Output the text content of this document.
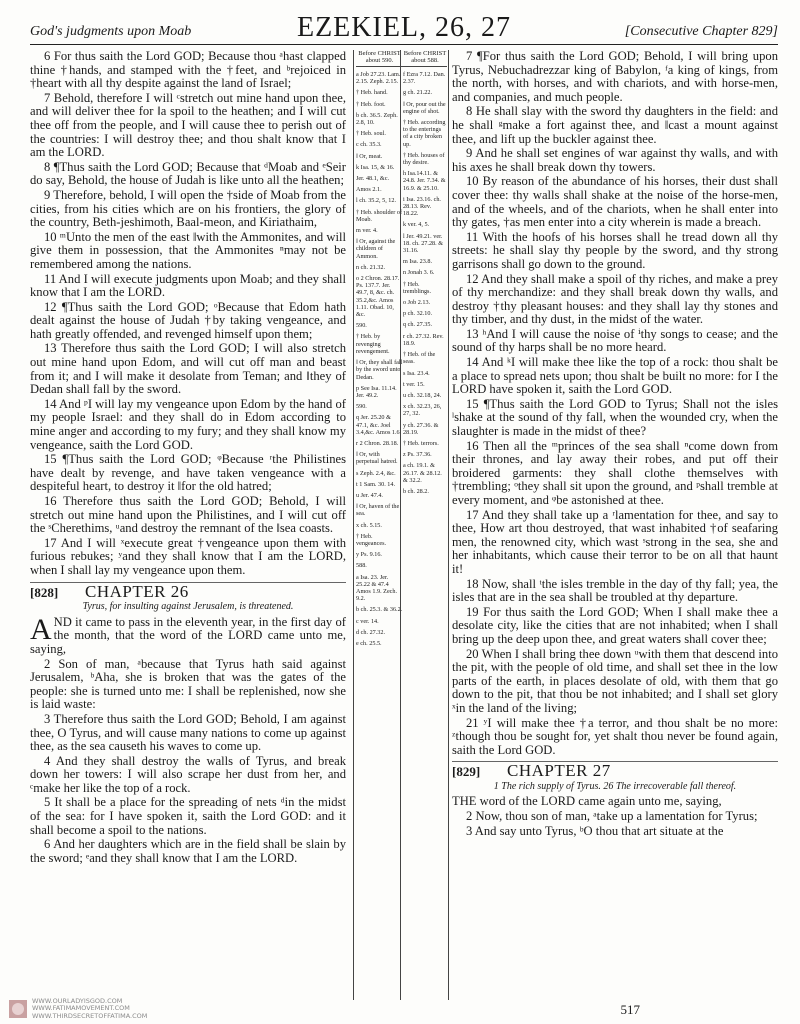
God's judgments upon Moab	EZEKIEL, 26, 27	[Consecutive Chapter 829]

6 For thus saith the Lord GOD; Because thou ᵃhast clapped thine †hands, and stamped with the †feet, and ᵇrejoiced in †heart with all thy despite against the land of Israel;

7 Behold, therefore I will ᶜstretch out mine hand upon thee, and will deliver thee for ‖a spoil to the heathen; and I will cut thee off from the people, and I will cause thee to perish out of the countries: I will destroy thee; and thou shalt know that I am the LORD.

8 ¶Thus saith the Lord GOD; Because that ᵈMoab and ᵉSeir do say, Behold, the house of Judah is like unto all the heathen;

9 Therefore, behold, I will open the †side of Moab from the cities, from his cities which are on his frontiers, the glory of the country, Beth-jeshimoth, Baal-meon, and Kiriathaim,

10 ᵐUnto the men of the east ‖with the Ammonites, and will give them in possession, that the Ammonites ⁿmay not be remembered among the nations.

11 And I will execute judgments upon Moab; and they shall know that I am the LORD.

12 ¶Thus saith the Lord GOD; ᵒBecause that Edom hath dealt against the house of Judah †by taking vengeance, and hath greatly offended, and revenged himself upon them;

13 Therefore thus saith the Lord GOD; I will also stretch out mine hand upon Edom, and will cut off man and beast from it; and I will make it desolate from Teman; and ‖they of Dedan shall fall by the sword.

14 And ᵖI will lay my vengeance upon Edom by the hand of my people Israel: and they shall do in Edom according to mine anger and according to my fury; and they shall know my vengeance, saith the Lord GOD.

15 ¶Thus saith the Lord GOD; ᵠBecause ʳthe Philistines have dealt by revenge, and have taken vengeance with a despiteful heart, to destroy it ‖for the old hatred;

16 Therefore thus saith the Lord GOD; Behold, I will stretch out mine hand upon the Philistines, and I will cut off the ˢCherethims, ᵘand destroy the remnant of the ‖sea coasts.

17 And I will ˣexecute great †vengeance upon them with furious rebukes; ʸand they shall know that I am the LORD, when I shall lay my vengeance upon them.

[828]	CHAPTER 26
Tyrus, for insulting against Jerusalem, is threatened.

AND it came to pass in the eleventh year, in the first day of the month, that the word of the LORD came unto me, saying,

2 Son of man, ᵃbecause that Tyrus hath said against Jerusalem, ᵇAha, she is broken that was the gates of the people: she is turned unto me: I shall be replenished, now she is laid waste:

3 Therefore thus saith the Lord GOD; Behold, I am against thee, O Tyrus, and will cause many nations to come up against thee, as the sea causeth his waves to come up.

4 And they shall destroy the walls of Tyrus, and break down her towers: I will also scrape her dust from her, and ᶜmake her like the top of a rock.

5 It shall be a place for the spreading of nets ᵈin the midst of the sea: for I have spoken it, saith the Lord GOD: and it shall become a spoil to the nations.

6 And her daughters which are in the field shall be slain by the sword; ᵉand they shall know that I am the LORD.

Before CHRIST about 590.
a Job 27.23. Lam. 2.15. Zeph. 2.15.
† Heb. hand.
† Heb. foot.
b ch. 36.5. Zeph. 2.8, 10.
† Heb. soul.
c ch. 35.3.
‖ Or, meat.
k Isa. 15, & 16.
Jer. 48.1, &c.
Amos 2.1.
l ch. 35.2, 5, 12.
† Heb. shoulder of Moab.
m ver. 4.
‖ Or, against the children of Ammon.
n ch. 21.32.
o 2 Chron. 28.17. Ps. 137.7. Jer. 49.7, 8, &c. ch. 35.2,&c. Amos 1.11. Obad. 10, &c.
590.
† Heb. by revenging revengement.
‖ Or, they shall fall by the sword unto Dedan.
p See Isa. 11.14. Jer. 49.2.
590.
q Jer. 25.20 & 47.1, &c. Joel 3.4,&c. Amos 1.6.
r 2 Chron. 28.18.
‖ Or, with perpetual hatred.
s Zeph. 2.4, &c.
t 1 Sam. 30. 14.
u Jer. 47.4.
‖ Or, haven of the sea.
x ch. 5.15.
† Heb. vengeances.
y Ps. 9.16.
588.
a Isa. 23. Jer. 25.22 & 47.4 Amos 1.9. Zech. 9.2.
b ch. 25.3. & 36.2.
c ver. 14.
d ch. 27.32.
e ch. 25.5.
Before CHRIST about 588.
f Ezra 7.12. Dan. 2.37.
g ch. 21.22.
‖ Or, pour out the engine of shot.
† Heb. according to the enterings of a city broken up.
† Heb. houses of thy desire.
h Isa.14.11. & 24.8. Jer. 7.34. & 16.9. & 25.10.
i Isa. 23.16. ch. 28.13. Rev. 18.22.
k ver. 4, 5.
l Jer. 49.21. ver. 18. ch. 27.28. & 31.16.
m Isa. 23.8.
n Jonah 3. 6.
† Heb. tremblings.
o Job 2.13.
p ch. 32.10.
q ch. 27.35.
r ch. 27.32. Rev. 18.9.
† Heb. of the seas.
s Isa. 23.4.
t ver. 15.
u ch. 32.18, 24.
x ch. 32.23, 26, 27, 32.
y ch. 27.36. & 28.19.
† Heb. terrors.
z Ps. 37.36.
a ch. 19.1. & 26.17. & 28.12. & 32.2.
b ch. 28.2.

7 ¶For thus saith the Lord GOD; Behold, I will bring upon Tyrus, Nebuchadrezzar king of Babylon, ᶠa king of kings, from the north, with horses, and with chariots, and with horse-men, and companies, and much people.

8 He shall slay with the sword thy daughters in the field: and he shall ᵍmake a fort against thee, and ‖cast a mount against thee, and lift up the buckler against thee.

9 And he shall set engines of war against thy walls, and with his axes he shall break down thy towers.

10 By reason of the abundance of his horses, their dust shall cover thee: thy walls shall shake at the noise of the horse-men, and of the wheels, and of the chariots, when he shall enter into thy gates, †as men enter into a city wherein is made a breach.

11 With the hoofs of his horses shall he tread down all thy streets: he shall slay thy people by the sword, and thy strong garrisons shall go down to the ground.

12 And they shall make a spoil of thy riches, and make a prey of thy merchandize: and they shall break down thy walls, and destroy †thy pleasant houses: and they shall lay thy stones and thy timber, and thy dust, in the midst of the water.

13 ʰAnd I will cause the noise of ⁱthy songs to cease; and the sound of thy harps shall be no more heard.

14 And ᵏI will make thee like the top of a rock: thou shalt be a place to spread nets upon; thou shalt be built no more: for I the LORD have spoken it, saith the Lord GOD.

15 ¶Thus saith the Lord GOD to Tyrus; Shall not the isles ˡshake at the sound of thy fall, when the wounded cry, when the slaughter is made in the midst of thee?

16 Then all the ᵐprinces of the sea shall ⁿcome down from their thrones, and lay away their robes, and put off their broidered garments: they shall clothe themselves with †trembling; ᵒthey shall sit upon the ground, and ᵖshall tremble at every moment, and ᵠbe astonished at thee.

17 And they shall take up a ʳlamentation for thee, and say to thee, How art thou destroyed, that wast inhabited †of seafaring men, the renowned city, which wast ˢstrong in the sea, she and her inhabitants, which cause their terror to be on all that haunt it!

18 Now, shall ᵗthe isles tremble in the day of thy fall; yea, the isles that are in the sea shall be troubled at thy departure.

19 For thus saith the Lord GOD; When I shall make thee a desolate city, like the cities that are not inhabited; when I shall bring up the deep upon thee, and great waters shall cover thee;

20 When I shall bring thee down ᵘwith them that descend into the pit, with the people of old time, and shall set thee in the low parts of the earth, in places desolate of old, with them that go down to the pit, that thou be not inhabited; and I shall set glory ˣin the land of the living;

21 ʸI will make thee †a terror, and thou shalt be no more: ᶻthough thou be sought for, yet shalt thou never be found again, saith the Lord GOD.

[829]	CHAPTER 27
1 The rich supply of Tyrus. 26 The irrecoverable fall thereof.

THE word of the LORD came again unto me, saying,

2 Now, thou son of man, ᵃtake up a lamentation for Tyrus;

3 And say unto Tyrus, ᵇO thou that art situate at the

517
WWW.OURLADYISGOD.COM
WWW.FATIMAMOVEMENT.COM
WWW.THIRDSECRETOFFATIMA.COM
